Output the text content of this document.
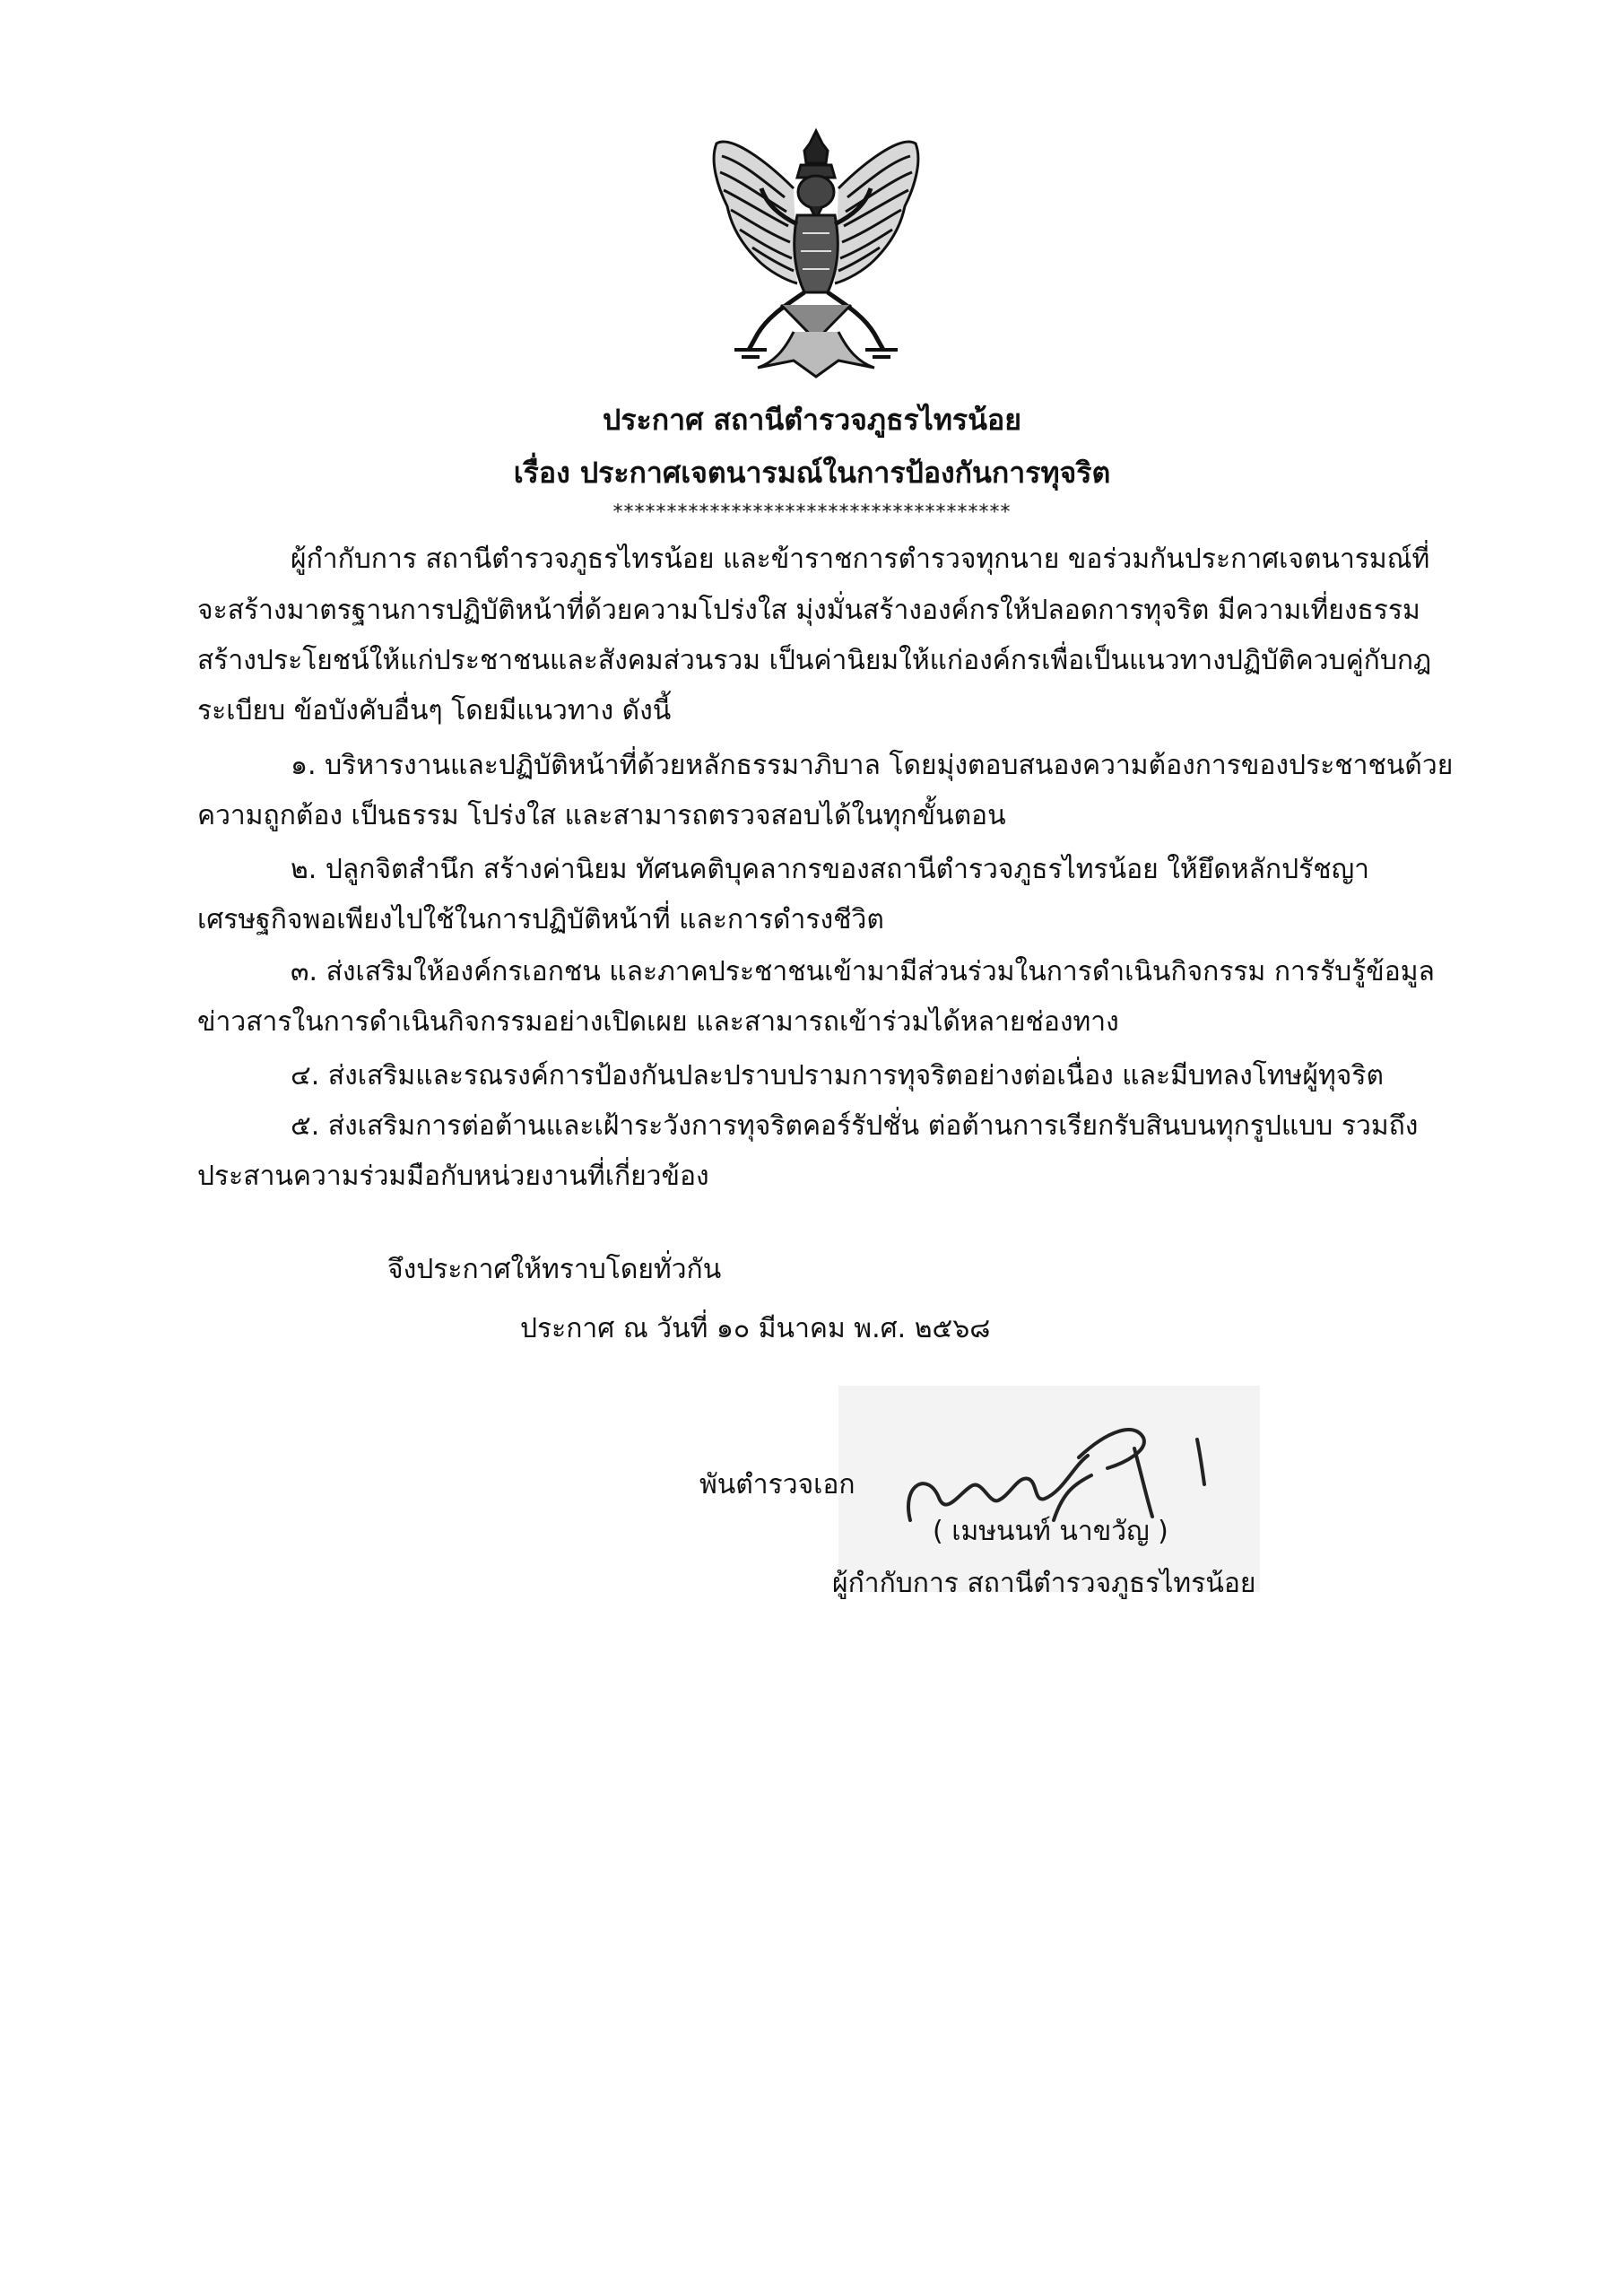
ประกาศ สถานีตำรวจภูธรไทรน้อย
เรื่อง ประกาศเจตนารมณ์ในการป้องกันการทุจริต
*************************************
ผู้กำกับการ สถานีตำรวจภูธรไทรน้อย และข้าราชการตำรวจทุกนาย ขอร่วมกันประกาศเจตนารมณ์ที่
จะสร้างมาตรฐานการปฏิบัติหน้าที่ด้วยความโปร่งใส มุ่งมั่นสร้างองค์กรให้ปลอดการทุจริต มีความเที่ยงธรรม
สร้างประโยชน์ให้แก่ประชาชนและสังคมส่วนรวม เป็นค่านิยมให้แก่องค์กรเพื่อเป็นแนวทางปฏิบัติควบคู่กับกฎ
ระเบียบ ข้อบังคับอื่นๆ โดยมีแนวทาง ดังนี้
๑. บริหารงานและปฏิบัติหน้าที่ด้วยหลักธรรมาภิบาล โดยมุ่งตอบสนองความต้องการของประชาชนด้วย
ความถูกต้อง เป็นธรรม โปร่งใส และสามารถตรวจสอบได้ในทุกขั้นตอน
๒. ปลูกจิตสำนึก สร้างค่านิยม ทัศนคติบุคลากรของสถานีตำรวจภูธรไทรน้อย ให้ยึดหลักปรัชญา
เศรษฐกิจพอเพียงไปใช้ในการปฏิบัติหน้าที่ และการดำรงชีวิต
๓. ส่งเสริมให้องค์กรเอกชน และภาคประชาชนเข้ามามีส่วนร่วมในการดำเนินกิจกรรม การรับรู้ข้อมูล
ข่าวสารในการดำเนินกิจกรรมอย่างเปิดเผย และสามารถเข้าร่วมได้หลายช่องทาง
๔. ส่งเสริมและรณรงค์การป้องกันปละปราบปรามการทุจริตอย่างต่อเนื่อง และมีบทลงโทษผู้ทุจริต
๕. ส่งเสริมการต่อต้านและเฝ้าระวังการทุจริตคอร์รัปชั่น ต่อต้านการเรียกรับสินบนทุกรูปแบบ รวมถึง
ประสานความร่วมมือกับหน่วยงานที่เกี่ยวข้อง
จึงประกาศให้ทราบโดยทั่วกัน
ประกาศ ณ วันที่ ๑๐ มีนาคม พ.ศ. ๒๕๖๘
พันตำรวจเอก
( เมษนนท์ นาขวัญ )
ผู้กำกับการ สถานีตำรวจภูธรไทรน้อย
